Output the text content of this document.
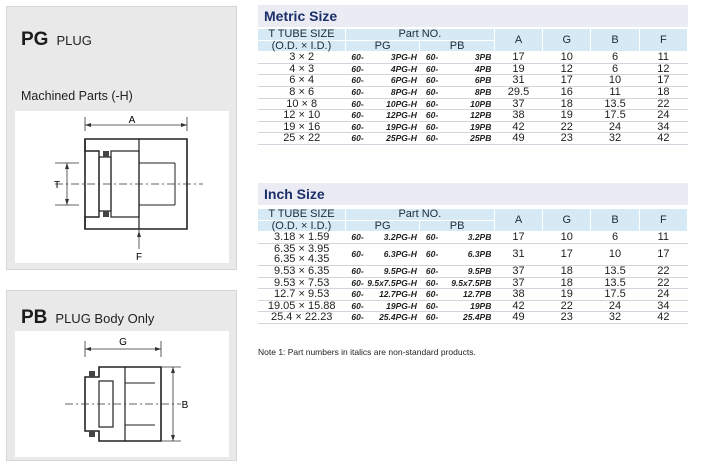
PG PLUG
Machined Parts (-H)
A
T
F
PB PLUG Body Only
G
B
Metric Size
T TUBE SIZE	Part NO.				A	G	B	F
(O.D. × I.D.)	PG		PB					
3 × 2	60-	3PG-H	60-	3PB	17	10	6	11
4 × 3	60-	4PG-H	60-	4PB	19	12	6	12
6 × 4	60-	6PG-H	60-	6PB	31	17	10	17
8 × 6	60-	8PG-H	60-	8PB	29.5	16	11	18
10 × 8	60-	10PG-H	60-	10PB	37	18	13.5	22
12 × 10	60-	12PG-H	60-	12PB	38	19	17.5	24
19 × 16	60-	19PG-H	60-	19PB	42	22	24	34
25 × 22	60-	25PG-H	60-	25PB	49	23	32	42
Inch Size
T TUBE SIZE	Part NO.				A	G	B	F
(O.D. × I.D.)	PG		PB					
3.18 × 1.59	60-	3.2PG-H	60-	3.2PB	17	10	6	11

6.35 × 3.95
6.35 × 4.35	60-	6.3PG-H	60-	6.3PB	31	17	10	17
9.53 × 6.35	60-	9.5PG-H	60-	9.5PB	37	18	13.5	22
9.53 × 7.53	60-	9.5x7.5PG-H	60-	9.5x7.5PB	37	18	13.5	22
12.7 × 9.53	60-	12.7PG-H	60-	12.7PB	38	19	17.5	24
19.05 × 15.88	60-	19PG-H	60-	19PB	42	22	24	34
25.4 × 22.23	60-	25.4PG-H	60-	25.4PB	49	23	32	42
Note 1: Part numbers in italics are non-standard products.
